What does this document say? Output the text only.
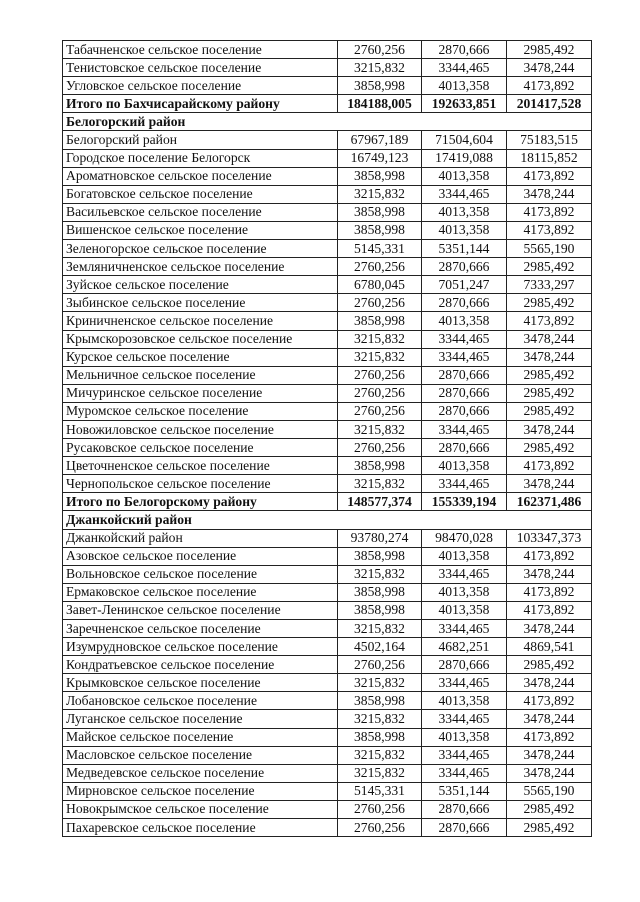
Табачненское сельское поселение	2760,256	2870,666	2985,492
Тенистовское сельское поселение	3215,832	3344,465	3478,244
Угловское сельское поселение	3858,998	4013,358	4173,892
Итого по Бахчисарайскому району	184188,005	192633,851	201417,528
Белогорский район			
Белогорский район	67967,189	71504,604	75183,515
Городское поселение Белогорск	16749,123	17419,088	18115,852
Ароматновское сельское поселение	3858,998	4013,358	4173,892
Богатовское сельское поселение	3215,832	3344,465	3478,244
Васильевское сельское поселение	3858,998	4013,358	4173,892
Вишенское сельское поселение	3858,998	4013,358	4173,892
Зеленогорское сельское поселение	5145,331	5351,144	5565,190
Земляничненское сельское поселение	2760,256	2870,666	2985,492
Зуйское сельское поселение	6780,045	7051,247	7333,297
Зыбинское сельское поселение	2760,256	2870,666	2985,492
Криничненское сельское поселение	3858,998	4013,358	4173,892
Крымскорозовское сельское поселение	3215,832	3344,465	3478,244
Курское сельское поселение	3215,832	3344,465	3478,244
Мельничное сельское поселение	2760,256	2870,666	2985,492
Мичуринское сельское поселение	2760,256	2870,666	2985,492
Муромское сельское поселение	2760,256	2870,666	2985,492
Новожиловское сельское поселение	3215,832	3344,465	3478,244
Русаковское сельское поселение	2760,256	2870,666	2985,492
Цветочненское сельское поселение	3858,998	4013,358	4173,892
Чернопольское сельское поселение	3215,832	3344,465	3478,244
Итого по Белогорскому району	148577,374	155339,194	162371,486
Джанкойский район			
Джанкойский район	93780,274	98470,028	103347,373
Азовское сельское поселение	3858,998	4013,358	4173,892
Вольновское сельское поселение	3215,832	3344,465	3478,244
Ермаковское сельское поселение	3858,998	4013,358	4173,892
Завет-Ленинское сельское поселение	3858,998	4013,358	4173,892
Заречненское сельское поселение	3215,832	3344,465	3478,244
Изумрудновское сельское поселение	4502,164	4682,251	4869,541
Кондратьевское сельское поселение	2760,256	2870,666	2985,492
Крымковское сельское поселение	3215,832	3344,465	3478,244
Лобановское сельское поселение	3858,998	4013,358	4173,892
Луганское сельское поселение	3215,832	3344,465	3478,244
Майское сельское поселение	3858,998	4013,358	4173,892
Масловское сельское поселение	3215,832	3344,465	3478,244
Медведевское сельское поселение	3215,832	3344,465	3478,244
Мирновское сельское поселение	5145,331	5351,144	5565,190
Новокрымское сельское поселение	2760,256	2870,666	2985,492
Пахаревское сельское поселение	2760,256	2870,666	2985,492
